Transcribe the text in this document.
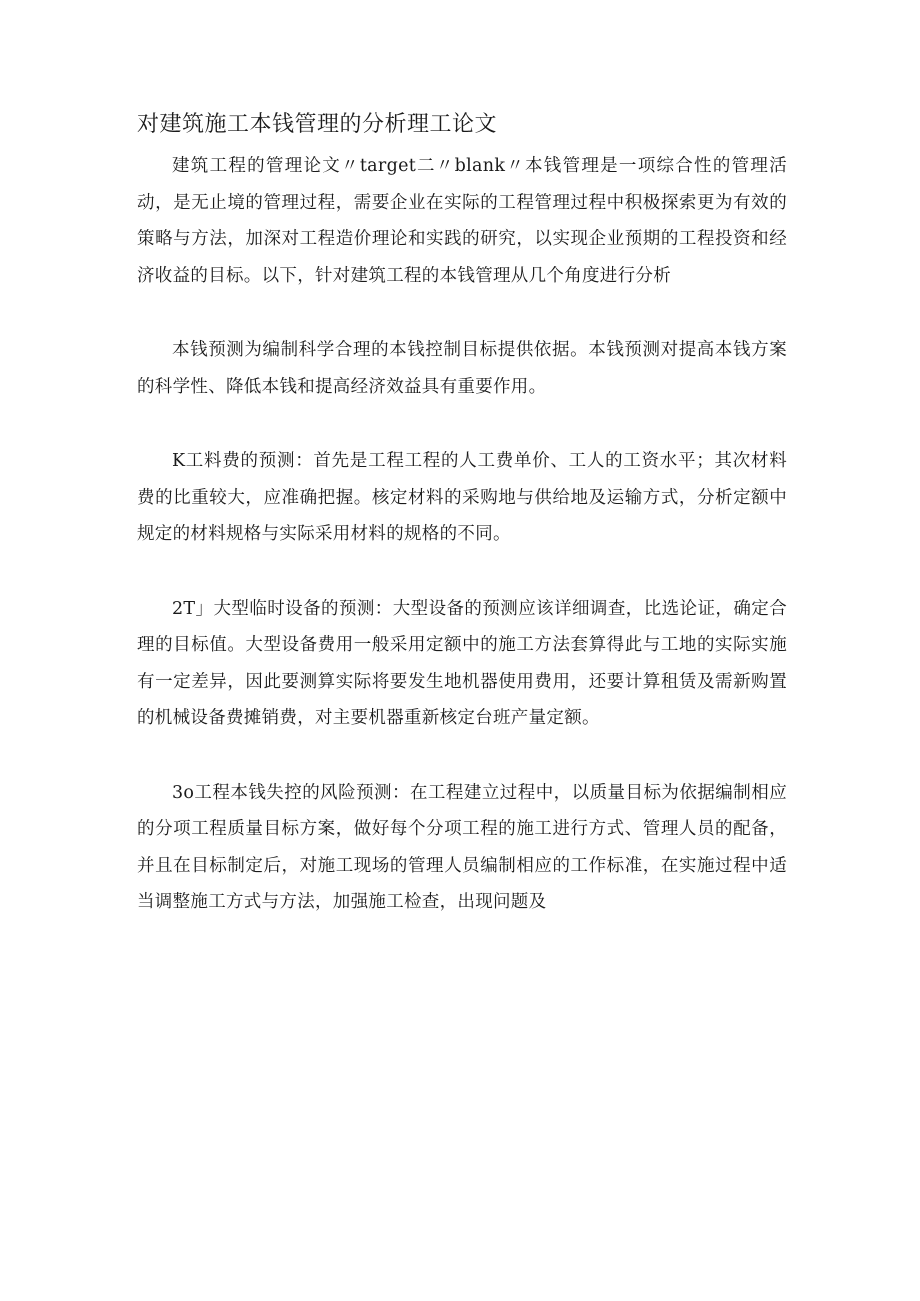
对建筑施工本钱管理的分析理工论文

建筑工程的管理论文〃target二〃blank〃本钱管理是一项综合性的管理活动，是无止境的管理过程，需要企业在实际的工程管理过程中积极探索更为有效的策略与方法，加深对工程造价理论和实践的研究，以实现企业预期的工程投资和经济收益的目标。以下，针对建筑工程的本钱管理从几个角度进行分析

本钱预测为编制科学合理的本钱控制目标提供依据。本钱预测对提高本钱方案的科学性、降低本钱和提高经济效益具有重要作用。

K工料费的预测：首先是工程工程的人工费单价、工人的工资水平；其次材料费的比重较大，应准确把握。核定材料的采购地与供给地及运输方式，分析定额中规定的材料规格与实际采用材料的规格的不同。

2T」大型临时设备的预测：大型设备的预测应该详细调查，比选论证，确定合理的目标值。大型设备费用一般采用定额中的施工方法套算得此与工地的实际实施有一定差异，因此要测算实际将要发生地机器使用费用，还要计算租赁及需新购置的机械设备费摊销费，对主要机器重新核定台班产量定额。

3o工程本钱失控的风险预测：在工程建立过程中，以质量目标为依据编制相应的分项工程质量目标方案，做好每个分项工程的施工进行方式、管理人员的配备，并且在目标制定后，对施工现场的管理人员编制相应的工作标准，在实施过程中适当调整施工方式与方法，加强施工检查，出现问题及
